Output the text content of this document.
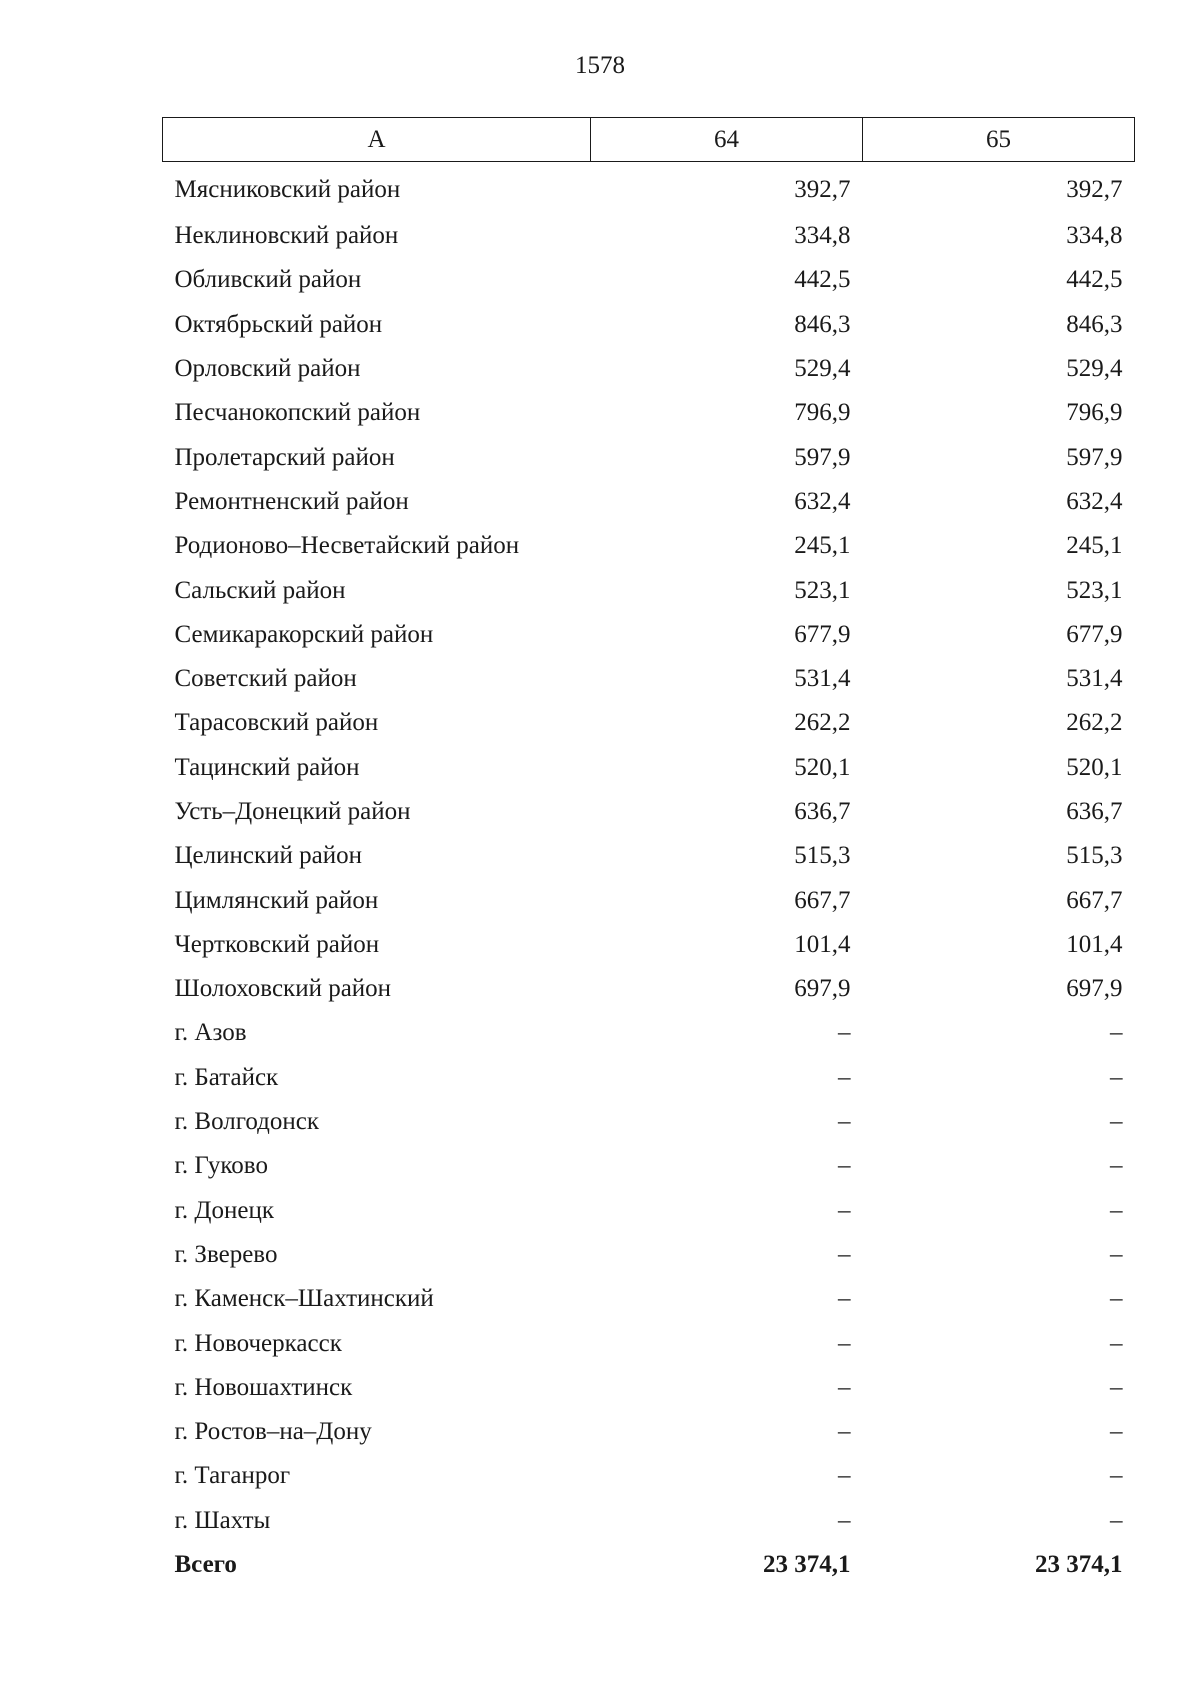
1578
А	64	65
Мясниковский район	392,7	392,7
Неклиновский район	334,8	334,8
Обливский район	442,5	442,5
Октябрьский район	846,3	846,3
Орловский район	529,4	529,4
Песчанокопский район	796,9	796,9
Пролетарский район	597,9	597,9
Ремонтненский район	632,4	632,4
Родионово–Несветайский район	245,1	245,1
Сальский район	523,1	523,1
Семикаракорский район	677,9	677,9
Советский район	531,4	531,4
Тарасовский район	262,2	262,2
Тацинский район	520,1	520,1
Усть–Донецкий район	636,7	636,7
Целинский район	515,3	515,3
Цимлянский район	667,7	667,7
Чертковский район	101,4	101,4
Шолоховский район	697,9	697,9
г. Азов	–	–
г. Батайск	–	–
г. Волгодонск	–	–
г. Гуково	–	–
г. Донецк	–	–
г. Зверево	–	–
г. Каменск–Шахтинский	–	–
г. Новочеркасск	–	–
г. Новошахтинск	–	–
г. Ростов–на–Дону	–	–
г. Таганрог	–	–
г. Шахты	–	–
Всего	23 374,1	23 374,1
